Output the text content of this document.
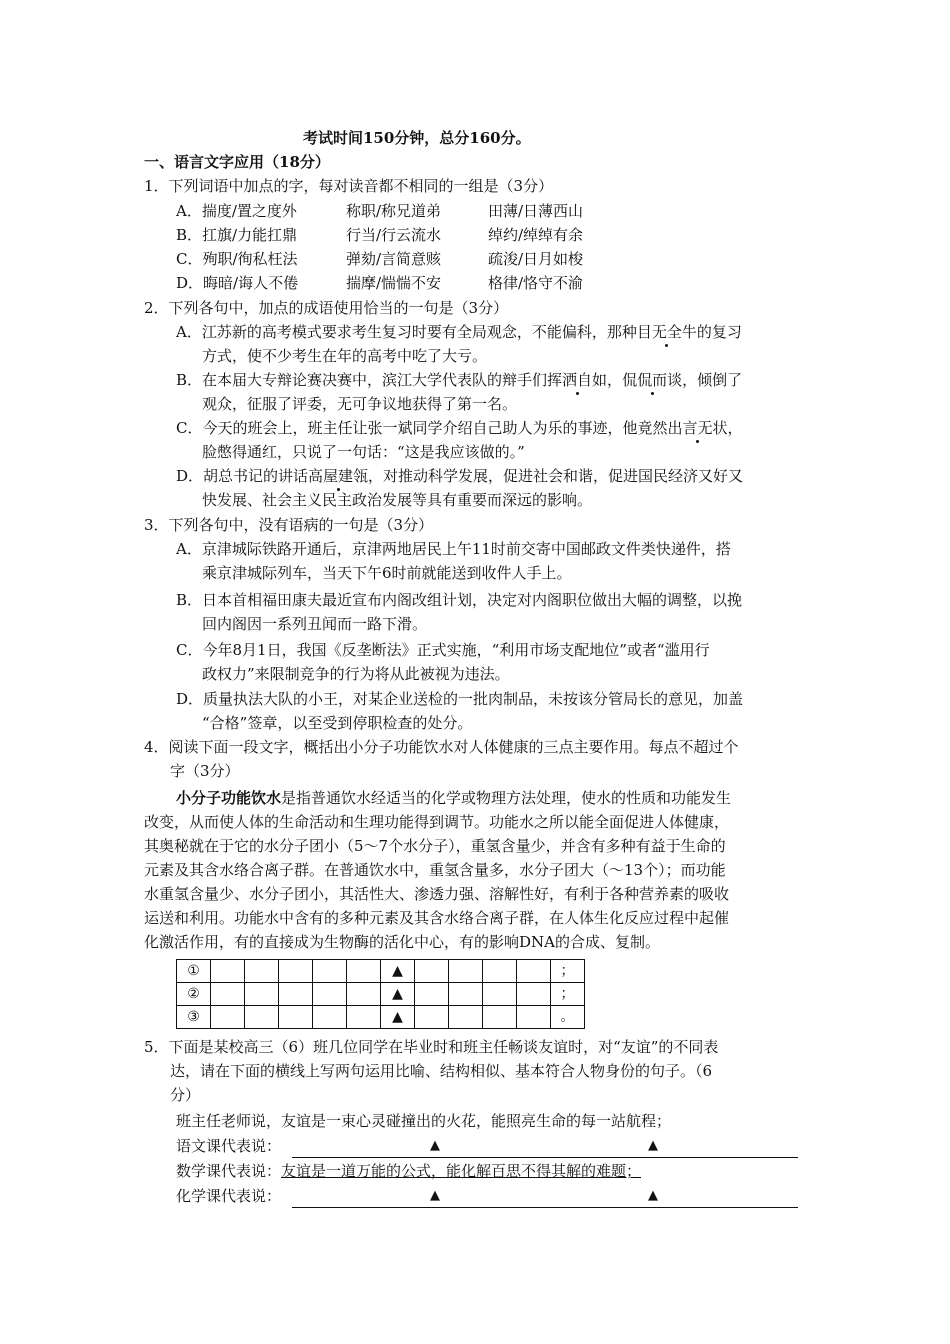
考试时间150分钟，总分160分。
一、语言文字应用（18分）
1．下列词语中加点的字，每对读音都不相同的一组是（3分）
A．揣度/置之度外	称职/称兄道弟	田薄/日薄西山
B．扛旗/力能扛鼎	行当/行云流水	绰约/绰绰有余
C．殉职/徇私枉法	弹劾/言简意赅	疏浚/日月如梭
D．晦暗/诲人不倦	揣摩/惴惴不安	格律/恪守不渝
2．下列各句中，加点的成语使用恰当的一句是（3分）
A．江苏新的高考模式要求考生复习时要有全局观念，不能偏科，那种目无全牛的复习
方式，使不少考生在年的高考中吃了大亏。
B．在本届大专辩论赛决赛中，滨江大学代表队的辩手们挥洒自如，侃侃而谈，倾倒了
观众，征服了评委，无可争议地获得了第一名。
C．今天的班会上，班主任让张一斌同学介绍自己助人为乐的事迹，他竟然出言无状，
脸憋得通红，只说了一句话：“这是我应该做的。”
D．胡总书记的讲话高屋建瓴，对推动科学发展，促进社会和谐，促进国民经济又好又
快发展、社会主义民主政治发展等具有重要而深远的影响。
3．下列各句中，没有语病的一句是（3分）
A．京津城际铁路开通后，京津两地居民上午11时前交寄中国邮政文件类快递件，搭
乘京津城际列车，当天下午6时前就能送到收件人手上。
B．日本首相福田康夫最近宣布内阁改组计划，决定对内阁职位做出大幅的调整，以挽
回内阁因一系列丑闻而一路下滑。
C．今年8月1日，我国《反垄断法》正式实施，“利用市场支配地位”或者“滥用行
政权力”来限制竞争的行为将从此被视为违法。
D．质量执法大队的小王，对某企业送检的一批肉制品，未按该分管局长的意见，加盖
“合格”签章，以至受到停职检查的处分。
4．阅读下面一段文字，概括出小分子功能饮水对人体健康的三点主要作用。每点不超过个
字（3分）
小分子功能饮水是指普通饮水经适当的化学或物理方法处理，使水的性质和功能发生
改变，从而使人体的生命活动和生理功能得到调节。功能水之所以能全面促进人体健康，
其奥秘就在于它的水分子团小（5～7个水分子），重氢含量少，并含有多种有益于生命的
元素及其含水络合离子群。在普通饮水中，重氢含量多，水分子团大（～13个）；而功能
水重氢含量少、水分子团小，其活性大、渗透力强、溶解性好，有利于各种营养素的吸收
运送和利用。功能水中含有的多种元素及其含水络合离子群，在人体生化反应过程中起催
化激活作用，有的直接成为生物酶的活化中心，有的影响DNA的合成、复制。
①						▲					；
②						▲					；
③						▲					。
5．下面是某校高三（6）班几位同学在毕业时和班主任畅谈友谊时，对“友谊”的不同表
达，请在下面的横线上写两句运用比喻、结构相似、基本符合人物身份的句子。（6
分）
班主任老师说，友谊是一束心灵碰撞出的火花，能照亮生命的每一站航程；
语文课代表说：	▲	▲
数学课代表说：友谊是一道万能的公式，能化解百思不得其解的难题；
化学课代表说：	▲	▲
